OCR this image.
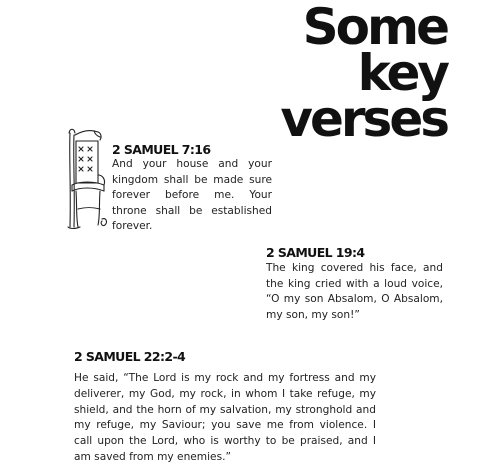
Some
key
verses
2 SAMUEL 7:16
And your house and your kingdom shall be made sure forever before me. Your throne shall be established forever.
2 SAMUEL 19:4
The king covered his face, and the king cried with a loud voice, “O my son Absalom, O Absalom, my son, my son!”
2 SAMUEL 22:2-4
He said, “The Lord is my rock and my fortress and my deliverer, my God, my rock, in whom I take refuge, my shield, and the horn of my salvation, my stronghold and my refuge, my Saviour; you save me from violence. I call upon the Lord, who is worthy to be praised, and I am saved from my enemies.”
